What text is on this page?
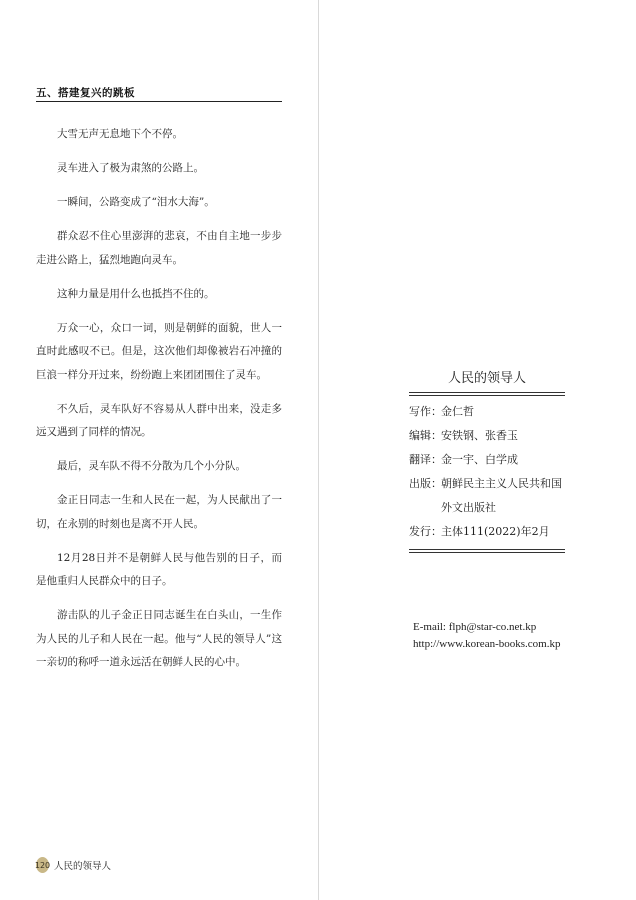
五、搭建复兴的跳板

大雪无声无息地下个不停。

灵车进入了极为肃煞的公路上。

一瞬间，公路变成了“泪水大海”。

群众忍不住心里澎湃的悲哀，不由自主地一步步走进公路上，猛烈地跑向灵车。

这种力量是用什么也抵挡不住的。

万众一心，众口一词，则是朝鲜的面貌，世人一直时此感叹不已。但是，这次他们却像被岩石冲撞的巨浪一样分开过来，纷纷跑上来团团围住了灵车。

不久后，灵车队好不容易从人群中出来，没走多远又遇到了同样的情况。

最后，灵车队不得不分散为几个小分队。

金正日同志一生和人民在一起，为人民献出了一切，在永别的时刻也是离不开人民。

12月28日并不是朝鲜人民与他告别的日子，而是他重归人民群众中的日子。

游击队的儿子金正日同志诞生在白头山，一生作为人民的儿子和人民在一起。他与“人民的领导人”这一亲切的称呼一道永远活在朝鲜人民的心中。

120 人民的领导人
人民的领导人
写作： 金仁哲
编辑： 安铁钢、张香玉
翻译： 金一宇、白学成
出版： 朝鲜民主主义人民共和国外文出版社
发行： 主体111(2022)年2月
E-mail: flph@star-co.net.kp
http://www.korean-books.com.kp
